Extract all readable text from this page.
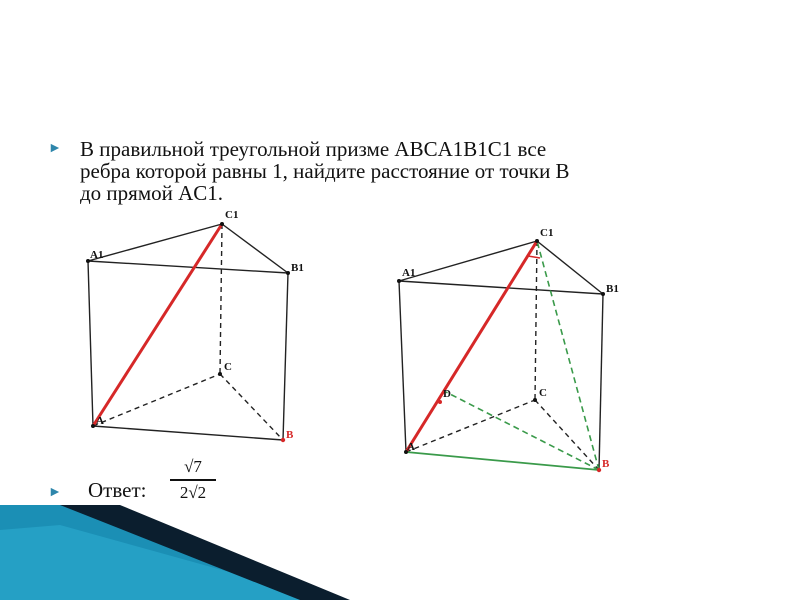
► В правильной треугольной призме ABCA1B1C1 все
ребра которой равны 1, найдите расстояние от точки B
до прямой AC1.
►	Ответ:
√7
2√2
A1
C1
B1
A
C
B
A1
C1
B1
A
C
B
D
